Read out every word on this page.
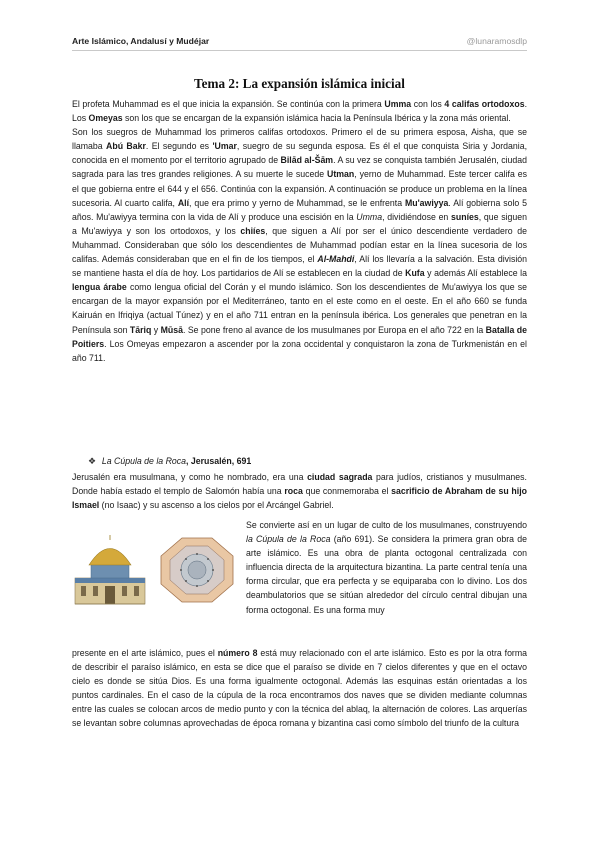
Arte Islámico, Andalusí y Mudéjar	@lunaramosdlp
Tema 2: La expansión islámica inicial

El profeta Muhammad es el que inicia la expansión. Se continúa con la primera Umma con los 4 califas ortodoxos. Los Omeyas son los que se encargan de la expansión islámica hacia la Península Ibérica y la zona más oriental.

Son los suegros de Muhammad los primeros califas ortodoxos. Primero el de su primera esposa, Aisha, que se llamaba Abú Bakr. El segundo es 'Umar, suegro de su segunda esposa. Es él el que conquista Siria y Jordania, conocida en el momento por el territorio agrupado de Bilād al-Šām. A su vez se conquista también Jerusalén, ciudad sagrada para las tres grandes religiones. A su muerte le sucede Utman, yerno de Muhammad. Este tercer califa es el que gobierna entre el 644 y el 656. Continúa con la expansión. A continuación se produce un problema en la línea sucesoria. Al cuarto califa, Alí, que era primo y yerno de Muhammad, se le enfrenta Mu'awiyya. Alí gobierna solo 5 años. Mu'awiyya termina con la vida de Alí y produce una escisión en la Umma, dividiéndose en suníes, que siguen a Mu'awiyya y son los ortodoxos, y los chiíes, que siguen a Alí por ser el único descendiente verdadero de Muhammad. Consideraban que sólo los descendientes de Muhammad podían estar en la línea sucesoria de los califas. Además consideraban que en el fin de los tiempos, el Al-Mahdi, Alí los llevaría a la salvación. Esta división se mantiene hasta el día de hoy. Los partidarios de Alí se establecen en la ciudad de Kufa y además Alí establece la lengua árabe como lengua oficial del Corán y el mundo islámico. Son los descendientes de Mu'awiyya los que se encargan de la mayor expansión por el Mediterráneo, tanto en el este como en el oeste. En el año 660 se funda Kairuán en Ifriqiya (actual Túnez) y en el año 711 entran en la península ibérica. Los generales que penetran en la Península son Tāriq y Mūsā. Se pone freno al avance de los musulmanes por Europa en el año 722 en la Batalla de Poitiers. Los Omeyas empezaron a ascender por la zona occidental y conquistaron la zona de Turkmenistán en el año 711.

❖ La Cúpula de la Roca, Jerusalén, 691

Jerusalén era musulmana, y como he nombrado, era una ciudad sagrada para judíos, cristianos y musulmanes. Donde había estado el templo de Salomón había una roca que conmemoraba el sacrificio de Abraham de su hijo Ismael (no Isaac) y su ascenso a los cielos por el Arcángel Gabriel.

Se convierte así en un lugar de culto de los musulmanes, construyendo la Cúpula de la Roca (año 691). Se considera la primera gran obra de arte islámico. Es una obra de planta octogonal centralizada con influencia directa de la arquitectura bizantina. La parte central tenía una forma circular, que era perfecta y se equiparaba con lo divino. Los dos deambulatorios que se sitúan alrededor del círculo central dibujan una forma octogonal. Es una forma muy

presente en el arte islámico, pues el número 8 está muy relacionado con el arte islámico. Esto es por la otra forma de describir el paraíso islámico, en esta se dice que el paraíso se divide en 7 cielos diferentes y que en el octavo cielo es donde se sitúa Dios. Es una forma igualmente octogonal. Además las esquinas están orientadas a los puntos cardinales. En el caso de la cúpula de la roca encontramos dos naves que se dividen mediante columnas entre las cuales se colocan arcos de medio punto y con la técnica del ablaq, la alternación de colores. Las arquerías se levantan sobre columnas aprovechadas de época romana y bizantina casi como símbolo del triunfo de la cultura
